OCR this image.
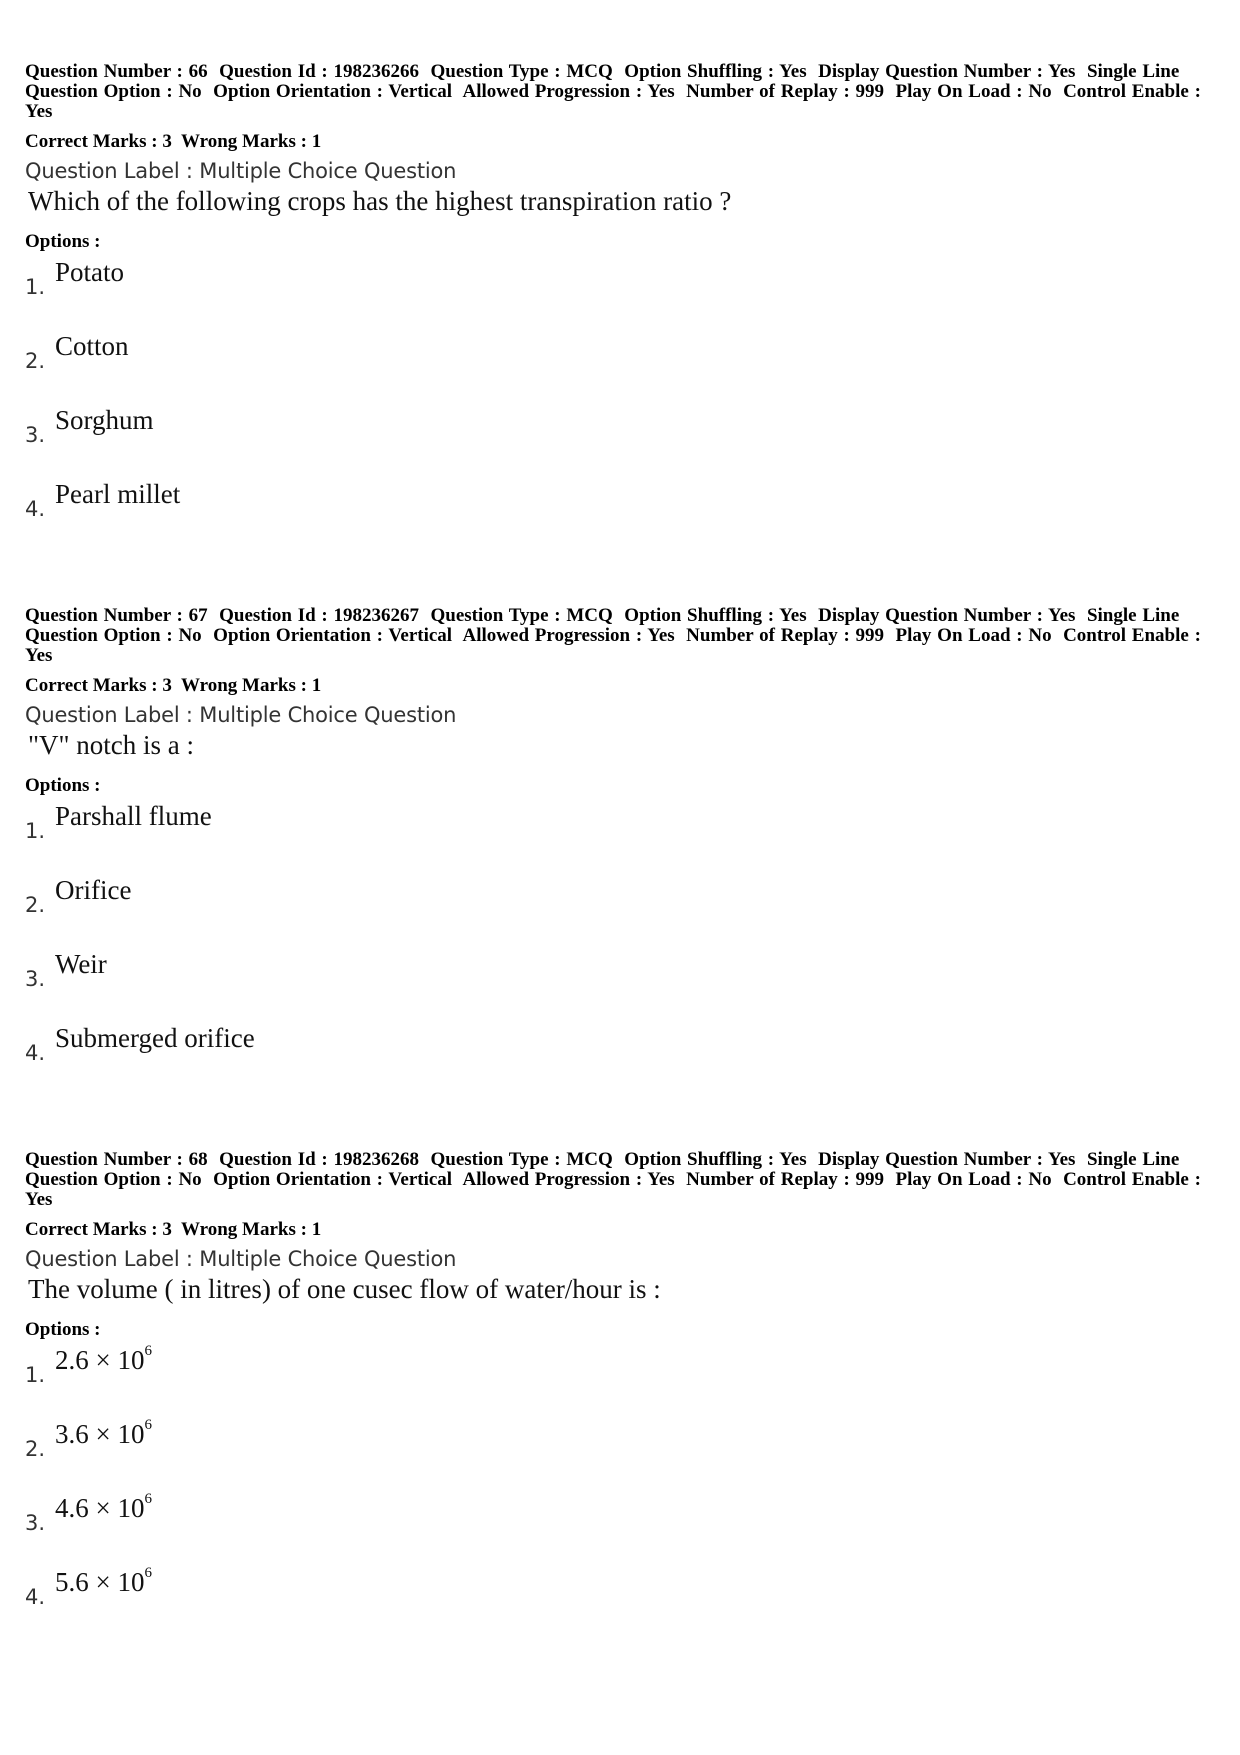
Question Number : 66  Question Id : 198236266  Question Type : MCQ  Option Shuffling : Yes  Display Question Number : Yes  Single Line Question Option : No  Option Orientation : Vertical  Allowed Progression : Yes  Number of Replay : 999  Play On Load : No  Control Enable : Yes
Correct Marks : 3  Wrong Marks : 1
Question Label : Multiple Choice Question
Which of the following crops has the highest transpiration ratio ?
Options :
1. Potato
2. Cotton
3. Sorghum
4. Pearl millet
Question Number : 67  Question Id : 198236267  Question Type : MCQ  Option Shuffling : Yes  Display Question Number : Yes  Single Line Question Option : No  Option Orientation : Vertical  Allowed Progression : Yes  Number of Replay : 999  Play On Load : No  Control Enable : Yes
Correct Marks : 3  Wrong Marks : 1
Question Label : Multiple Choice Question
"V" notch is a :
Options :
1. Parshall flume
2. Orifice
3. Weir
4. Submerged orifice
Question Number : 68  Question Id : 198236268  Question Type : MCQ  Option Shuffling : Yes  Display Question Number : Yes  Single Line Question Option : No  Option Orientation : Vertical  Allowed Progression : Yes  Number of Replay : 999  Play On Load : No  Control Enable : Yes
Correct Marks : 3  Wrong Marks : 1
Question Label : Multiple Choice Question
The volume ( in litres) of one cusec flow of water/hour is :
Options :
1. $2.6 \times 10^6$
2. $3.6 \times 10^6$
3. $4.6 \times 10^6$
4. $5.6 \times 10^6$
